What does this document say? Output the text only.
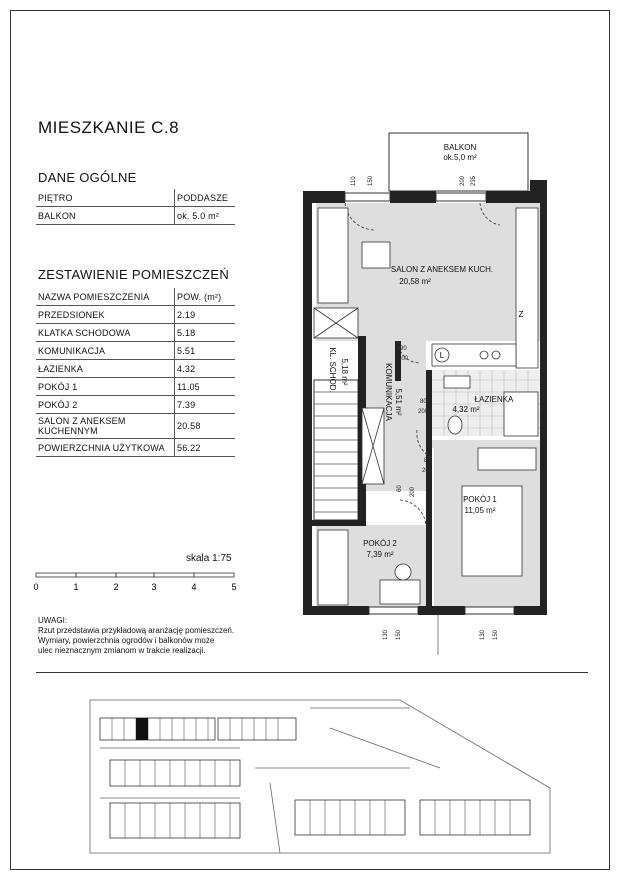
MIESZKANIE C.8
DANE OGÓLNE
PIĘTRO	PODDASZE
BALKON	ok. 5.0 m²
ZESTAWIENIE POMIESZCZEŃ
NAZWA POMIESZCZENIA	POW. (m²)
PRZEDSIONEK	2.19
KLATKA SCHODOWA	5.18
KOMUNIKACJA	5.51
ŁAZIENKA	4.32
POKÓJ 1	11.05
POKÓJ 2	7.39
SALON Z ANEKSEM
KUCHENNYM	20.58
POWIERZCHNIA UŻYTKOWA	56.22
skala 1:75
0	1	2	3	4	5
UWAGI:
Rzut przedstawia przykładową aranżację pomieszczeń.
Wymiary, powierzchnia ogrodów i balkonów może
ulec nieznacznym zmianom w trakcie realizacji.
L
Z
BALKON
ok.5,0 m²
SALON Z ANEKSEM KUCH.
20,58 m²
ŁAZIENKA
4,32 m²
POKÓJ 1
11,05 m²
POKÓJ 2
7,39 m²
KL. SCHOD. 5,18 m²	KOMUNIKACJA 5,51 m²
110 150	200 235
90
200
80
200
80
200
60 200
130 150	130 150
